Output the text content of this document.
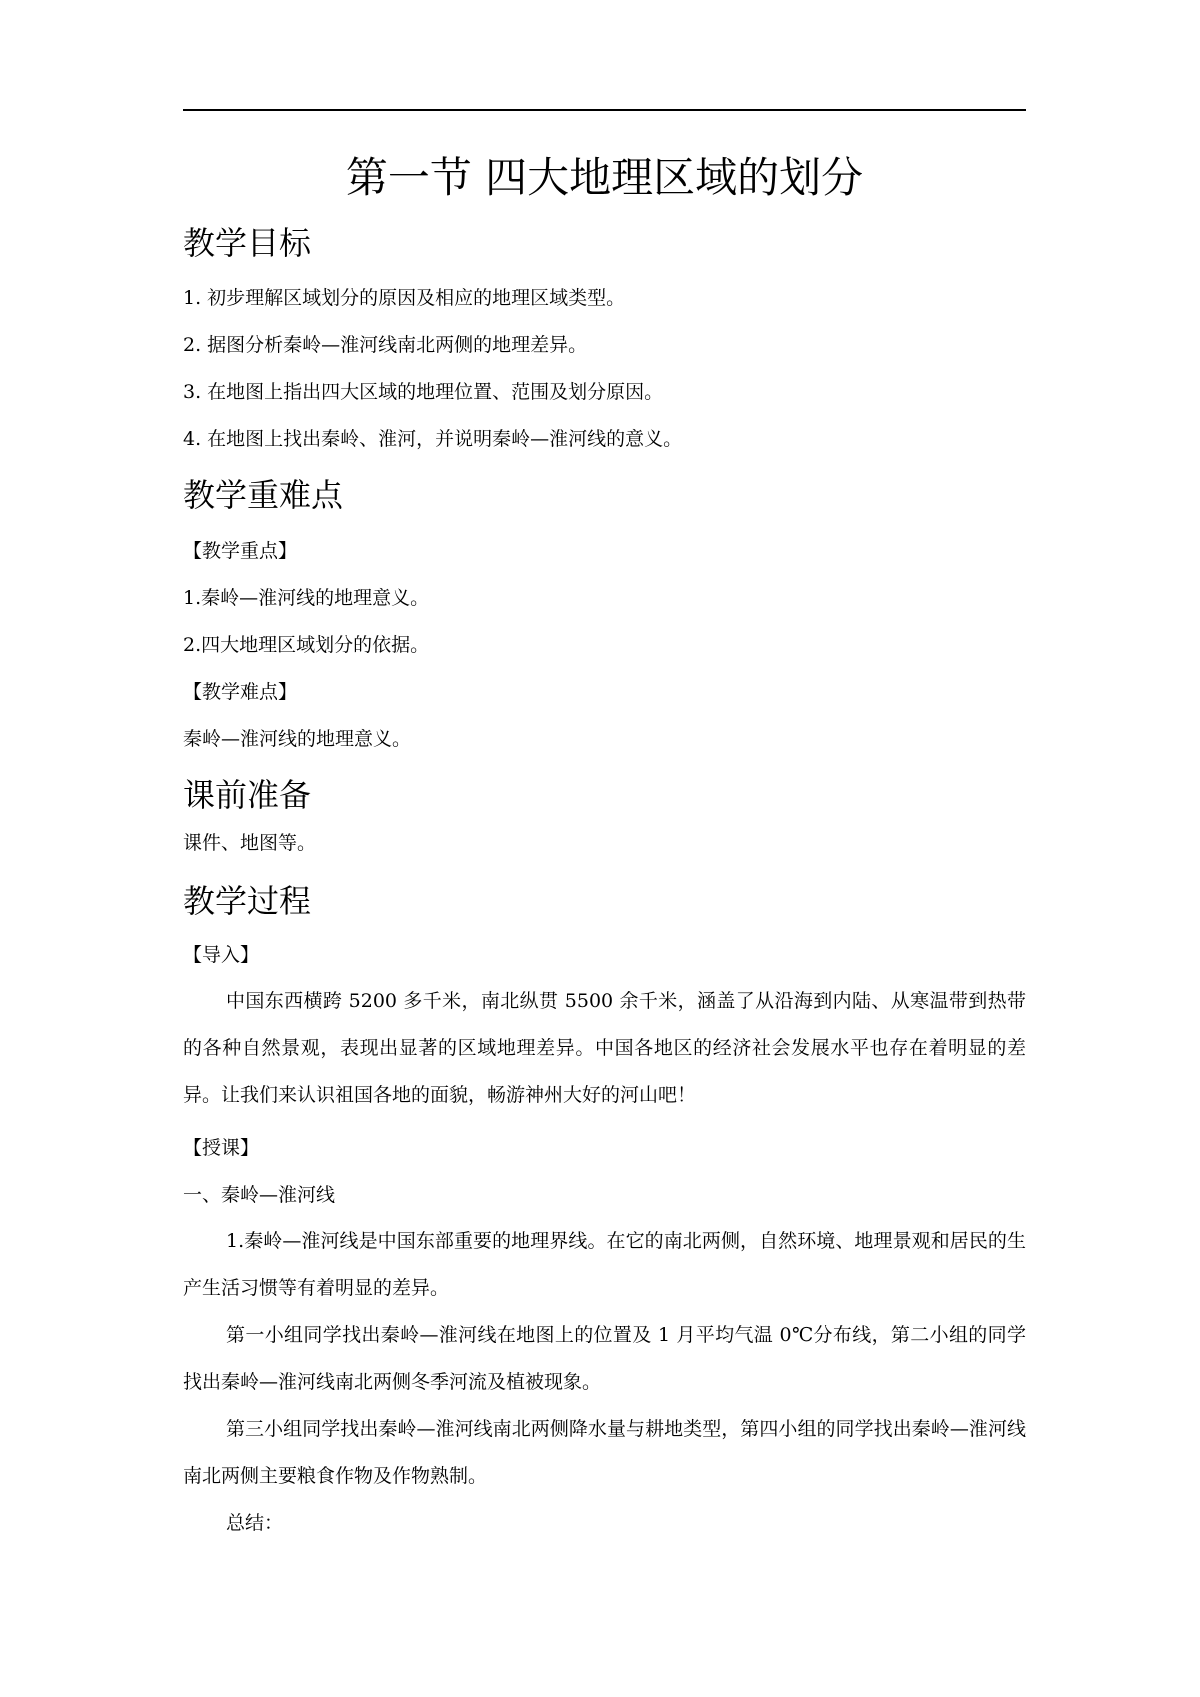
第一节 四大地理区域的划分
教学目标
1. 初步理解区域划分的原因及相应的地理区域类型。
2. 据图分析秦岭—淮河线南北两侧的地理差异。
3. 在地图上指出四大区域的地理位置、范围及划分原因。
4. 在地图上找出秦岭、淮河，并说明秦岭—淮河线的意义。
教学重难点
【教学重点】
1.秦岭—淮河线的地理意义。
2.四大地理区域划分的依据。
【教学难点】
秦岭—淮河线的地理意义。
课前准备
课件、地图等。
教学过程
【导入】
中国东西横跨 5200 多千米，南北纵贯 5500 余千米，涵盖了从沿海到内陆、从寒温带到热带的各种自然景观，表现出显著的区域地理差异。中国各地区的经济社会发展水平也存在着明显的差异。让我们来认识祖国各地的面貌，畅游神州大好的河山吧！
【授课】
一、秦岭—淮河线
1.秦岭—淮河线是中国东部重要的地理界线。在它的南北两侧，自然环境、地理景观和居民的生产生活习惯等有着明显的差异。
第一小组同学找出秦岭—淮河线在地图上的位置及 1 月平均气温 0℃分布线，第二小组的同学找出秦岭—淮河线南北两侧冬季河流及植被现象。
第三小组同学找出秦岭—淮河线南北两侧降水量与耕地类型，第四小组的同学找出秦岭—淮河线南北两侧主要粮食作物及作物熟制。
总结：
